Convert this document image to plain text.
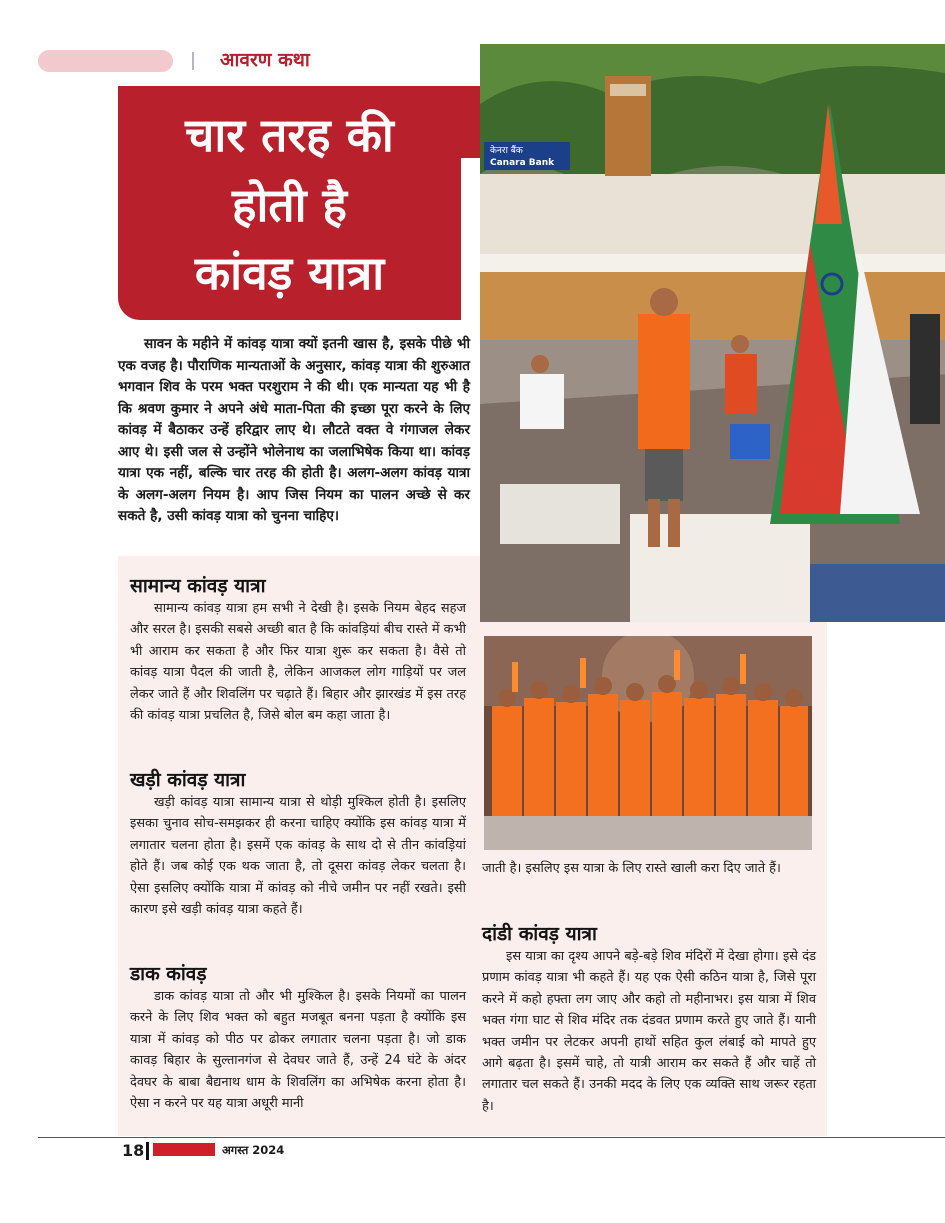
आवरण कथा
चार तरह की
होती है
कांवड़ यात्रा
सावन के महीने में कांवड़ यात्रा क्यों इतनी खास है, इसके पीछे भी एक वजह है। पौराणिक मान्यताओं के अनुसार, कांवड़ यात्रा की शुरुआत भगवान शिव के परम भक्त परशुराम ने की थी। एक मान्यता यह भी है कि श्रवण कुमार ने अपने अंधे माता-पिता की इच्छा पूरा करने के लिए कांवड़ में बैठाकर उन्हें हरिद्वार लाए थे। लौटते वक्त वे गंगाजल लेकर आए थे। इसी जल से उन्होंने भोलेनाथ का जलाभिषेक किया था। कांवड़ यात्रा एक नहीं, बल्कि चार तरह की होती है। अलग-अलग कांवड़ यात्रा के अलग-अलग नियम है। आप जिस नियम का पालन अच्छे से कर सकते है, उसी कांवड़ यात्रा को चुनना चाहिए।
सामान्य कांवड़ यात्रा
सामान्य कांवड़ यात्रा हम सभी ने देखी है। इसके नियम बेहद सहज और सरल है। इसकी सबसे अच्छी बात है कि कांवड़ियां बीच रास्ते में कभी भी आराम कर सकता है और फिर यात्रा शुरू कर सकता है। वैसे तो कांवड़ यात्रा पैदल की जाती है, लेकिन आजकल लोग गाड़ियों पर जल लेकर जाते हैं और शिवलिंग पर चढ़ाते हैं। बिहार और झारखंड में इस तरह की कांवड़ यात्रा प्रचलित है, जिसे बोल बम कहा जाता है।
खड़ी कांवड़ यात्रा
खड़ी कांवड़ यात्रा सामान्य यात्रा से थोड़ी मुश्किल होती है। इसलिए इसका चुनाव सोच-समझकर ही करना चाहिए क्योंकि इस कांवड़ यात्रा में लगातार चलना होता है। इसमें एक कांवड़ के साथ दो से तीन कांवड़ियां होते हैं। जब कोई एक थक जाता है, तो दूसरा कांवड़ लेकर चलता है। ऐसा इसलिए क्योंकि यात्रा में कांवड़ को नीचे जमीन पर नहीं रखते। इसी कारण इसे खड़ी कांवड़ यात्रा कहते हैं।
डाक कांवड़
डाक कांवड़ यात्रा तो और भी मुश्किल है। इसके नियमों का पालन करने के लिए शिव भक्त को बहुत मजबूत बनना पड़ता है क्योंकि इस यात्रा में कांवड़ को पीठ पर ढोकर लगातार चलना पड़ता है। जो डाक कावड़ बिहार के सुल्तानगंज से देवघर जाते हैं, उन्हें 24 घंटे के अंदर देवघर के बाबा बैद्यनाथ धाम के शिवलिंग का अभिषेक करना होता है। ऐसा न करने पर यह यात्रा अधूरी मानी
जाती है। इसलिए इस यात्रा के लिए रास्ते खाली करा दिए जाते हैं।
दांडी कांवड़ यात्रा
इस यात्रा का दृश्य आपने बड़े-बड़े शिव मंदिरों में देखा होगा। इसे दंड प्रणाम कांवड़ यात्रा भी कहते हैं। यह एक ऐसी कठिन यात्रा है, जिसे पूरा करने में कहो हफ्ता लग जाए और कहो तो महीनाभर। इस यात्रा में शिव भक्त गंगा घाट से शिव मंदिर तक दंडवत प्रणाम करते हुए जाते हैं। यानी भक्त जमीन पर लेटकर अपनी हाथों सहित कुल लंबाई को मापते हुए आगे बढ़ता है। इसमें चाहे, तो यात्री आराम कर सकते हैं और चाहें तो लगातार चल सकते हैं। उनकी मदद के लिए एक व्यक्ति साथ जरूर रहता है।
केनरा बैंक
Canara Bank
18	अगस्त 2024
